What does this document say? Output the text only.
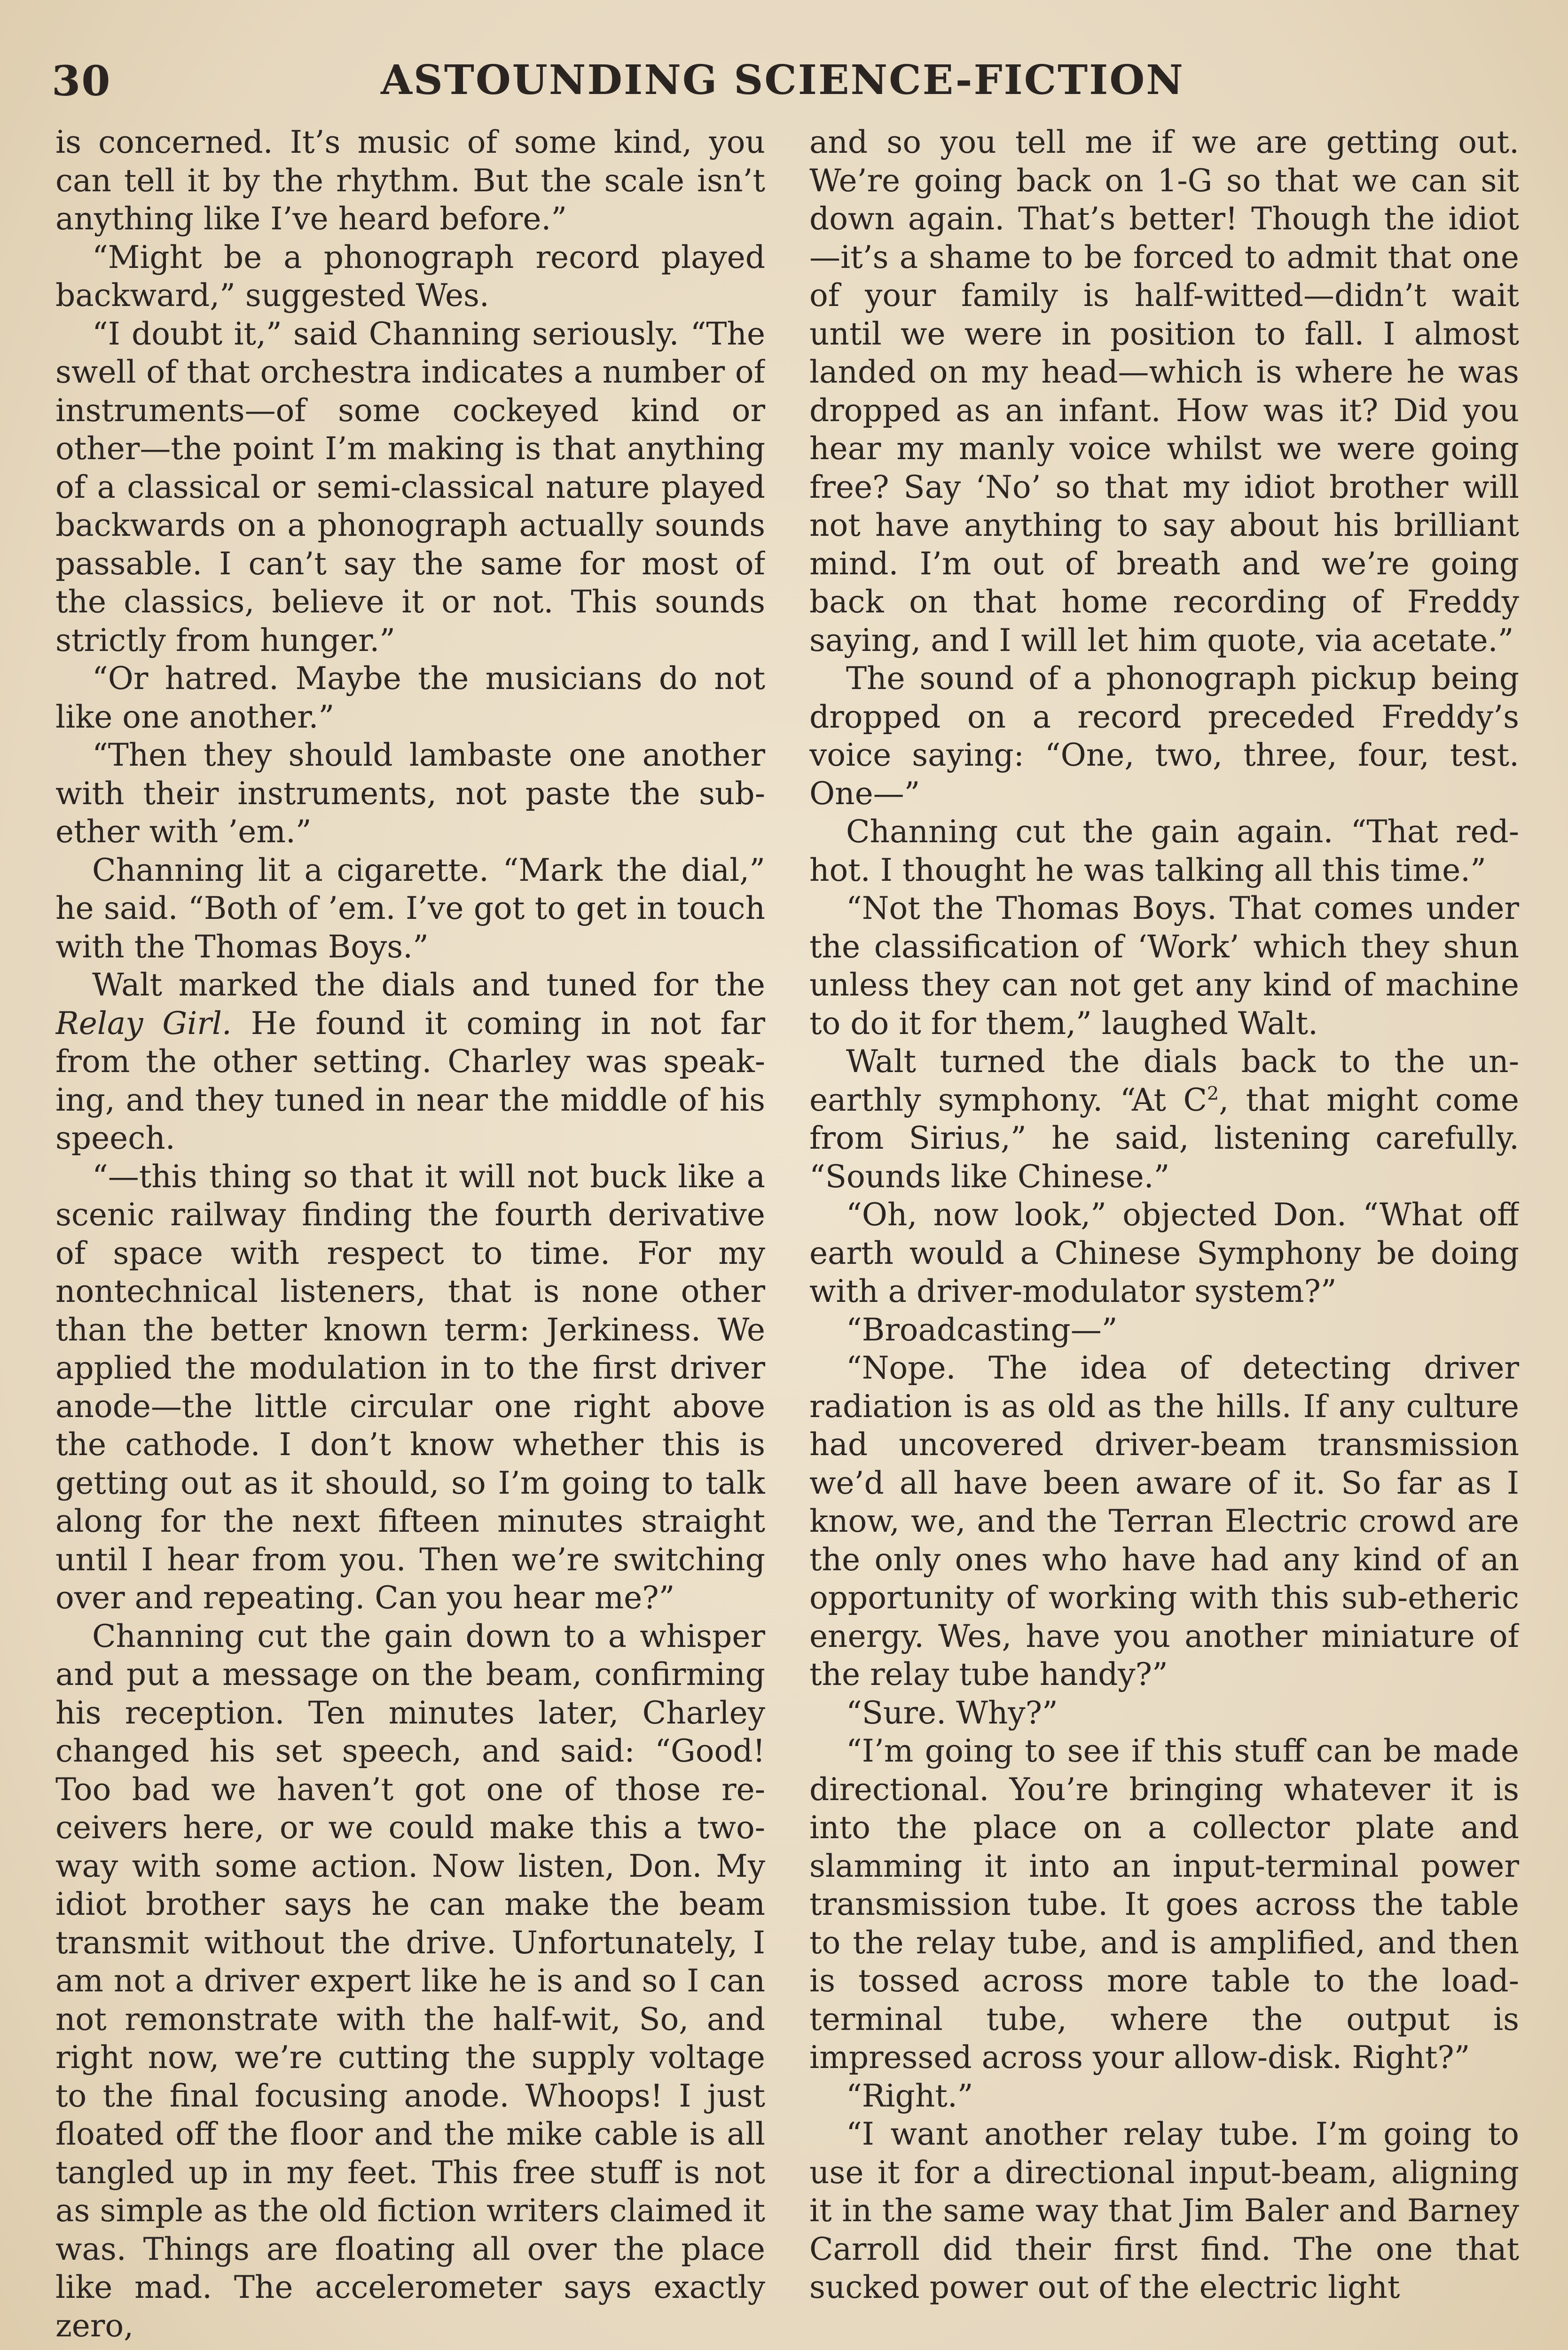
30	ASTOUNDING SCIENCE-FICTION

is concerned. It’s music of some kind, you can tell it by the rhythm. But the scale isn’t anything like I’ve heard before.”

“Might be a phonograph record played backward,” suggested Wes.

“I doubt it,” said Channing seriously. “The swell of that orchestra indicates a number of instruments—of some cockeyed kind or other—the point I’m making is that anything of a classical or semi-classical nature played backwards on a phonograph actually sounds passable. I can’t say the same for most of the classics, believe it or not. This sounds strictly from hunger.”

“Or hatred. Maybe the musicians do not like one another.”

“Then they should lambaste one another with their instruments, not paste the subether with ’em.”

Channing lit a cigarette. “Mark the dial,” he said. “Both of ’em. I’ve got to get in touch with the Thomas Boys.”

Walt marked the dials and tuned for the Relay Girl. He found it coming in not far from the other setting. Charley was speaking, and they tuned in near the middle of his speech.

“—this thing so that it will not buck like a scenic railway finding the fourth derivative of space with respect to time. For my nontechnical listeners, that is none other than the better known term: Jerkiness. We applied the modulation in to the first driver anode—the little circular one right above the cathode. I don’t know whether this is getting out as it should, so I’m going to talk along for the next fifteen minutes straight until I hear from you. Then we’re switching over and repeating. Can you hear me?”

Channing cut the gain down to a whisper and put a message on the beam, confirming his reception. Ten minutes later, Charley changed his set speech, and said: “Good! Too bad we haven’t got one of those receivers here, or we could make this a two-way with some action. Now listen, Don. My idiot brother says he can make the beam transmit without the drive. Unfortunately, I am not a driver expert like he is and so I can not remonstrate with the half-wit, So, and right now, we’re cutting the supply voltage to the final focusing anode. Whoops! I just floated off the floor and the mike cable is all tangled up in my feet. This free stuff is not as simple as the old fiction writers claimed it was. Things are floating all over the place like mad. The accelerometer says exactly zero,

and so you tell me if we are getting out. We’re going back on 1-G so that we can sit down again. That’s better! Though the idiot—it’s a shame to be forced to admit that one of your family is half-witted—didn’t wait until we were in position to fall. I almost landed on my head—which is where he was dropped as an infant. How was it? Did you hear my manly voice whilst we were going free? Say ‘No’ so that my idiot brother will not have anything to say about his brilliant mind. I’m out of breath and we’re going back on that home recording of Freddy saying, and I will let him quote, via acetate.”

The sound of a phonograph pickup being dropped on a record preceded Freddy’s voice saying: “One, two, three, four, test. One—”

Channing cut the gain again. “That red-hot. I thought he was talking all this time.”

“Not the Thomas Boys. That comes under the classification of ‘Work’ which they shun unless they can not get any kind of machine to do it for them,” laughed Walt.

Walt turned the dials back to the unearthly symphony. “At $C^2$, that might come from Sirius,” he said, listening carefully. “Sounds like Chinese.”

“Oh, now look,” objected Don. “What off earth would a Chinese Symphony be doing with a driver-modulator system?”

“Broadcasting—”

“Nope. The idea of detecting driver radiation is as old as the hills. If any culture had uncovered driver-beam transmission we’d all have been aware of it. So far as I know, we, and the Terran Electric crowd are the only ones who have had any kind of an opportunity of working with this sub-etheric energy. Wes, have you another miniature of the relay tube handy?”

“Sure. Why?”

“I’m going to see if this stuff can be made directional. You’re bringing whatever it is into the place on a collector plate and slamming it into an input-terminal power transmission tube. It goes across the table to the relay tube, and is amplified, and then is tossed across more table to the load-terminal tube, where the output is impressed across your allow-disk. Right?”

“Right.”

“I want another relay tube. I’m going to use it for a directional input-beam, aligning it in the same way that Jim Baler and Barney Carroll did their first find. The one that sucked power out of the electric light
